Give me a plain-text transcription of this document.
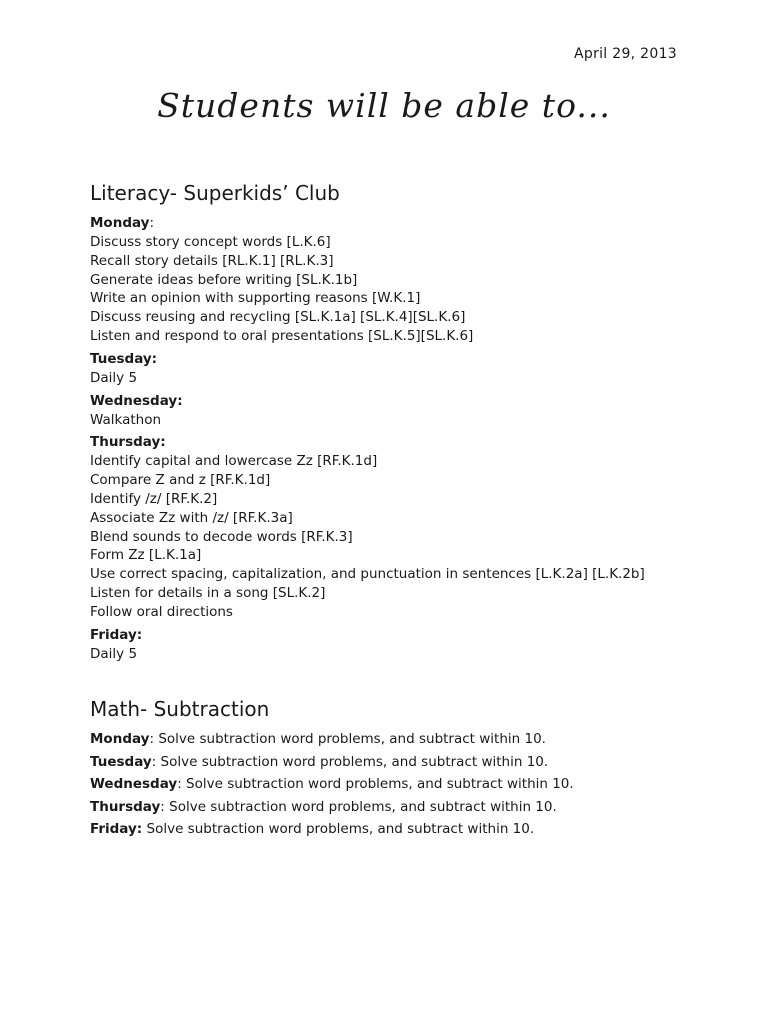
April 29, 2013
Students will be able to...
Literacy- Superkids’ Club
Monday:
Discuss story concept words [L.K.6]
Recall story details [RL.K.1] [RL.K.3]
Generate ideas before writing [SL.K.1b]
Write an opinion with supporting reasons [W.K.1]
Discuss reusing and recycling [SL.K.1a] [SL.K.4][SL.K.6]
Listen and respond to oral presentations [SL.K.5][SL.K.6]
Tuesday:
Daily 5
Wednesday:
Walkathon
Thursday:
Identify capital and lowercase Zz [RF.K.1d]
Compare Z and z [RF.K.1d]
Identify /z/ [RF.K.2]
Associate Zz with /z/ [RF.K.3a]
Blend sounds to decode words [RF.K.3]
Form Zz [L.K.1a]
Use correct spacing, capitalization, and punctuation in sentences [L.K.2a] [L.K.2b]
Listen for details in a song [SL.K.2]
Follow oral directions
Friday:
Daily 5
Math- Subtraction
Monday: Solve subtraction word problems, and subtract within 10.
Tuesday: Solve subtraction word problems, and subtract within 10.
Wednesday: Solve subtraction word problems, and subtract within 10.
Thursday: Solve subtraction word problems, and subtract within 10.
Friday: Solve subtraction word problems, and subtract within 10.
